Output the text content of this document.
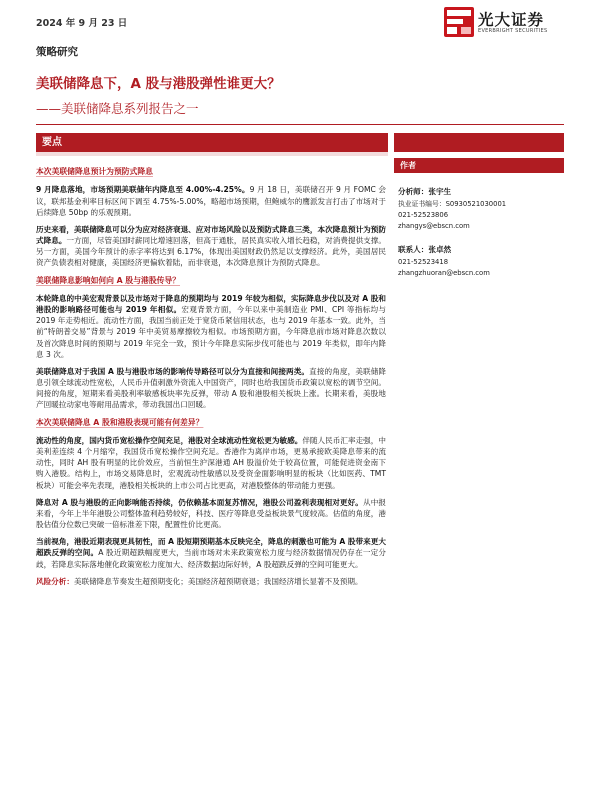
2024 年 9 月 23 日	光大证券
EVERBRIGHT SECURITIES
策略研究
美联储降息下，A 股与港股弹性谁更大？
——美联储降息系列报告之一
要点
本次美联储降息预计为预防式降息

9 月降息落地，市场预期美联储年内降息至 4.00%-4.25%。9 月 18 日，美联储召开 9 月 FOMC 会议，联邦基金利率目标区间下调至 4.75%-5.00%，略超市场预期，但鲍威尔的鹰派发言打击了市场对于后续降息 50bp 的乐观预期。

历史来看，美联储降息可以分为应对经济衰退、应对市场风险以及预防式降息三类，本次降息预计为预防式降息。一方面，尽管美国时薪同比增速回落，但高于通胀，居民真实收入增长趋稳，对消费提供支撑。另一方面，美国今年预计的赤字率将达到 6.17%，体现出美国财政仍然足以支撑经济。此外，美国居民资产负债表相对健康，美国经济更偏软着陆，而非衰退，本次降息预计为预防式降息。

美联储降息影响如何向 A 股与港股传导？

本轮降息的中美宏观背景以及市场对于降息的预期均与 2019 年较为相似，实际降息步伐以及对 A 股和港股的影响路径可能也与 2019 年相似。宏观背景方面，今年以来中美制造业 PMI、CPI 等指标均与 2019 年走势相近。流动性方面，我国当前正处于宽货币紧信用状态，也与 2019 年基本一致。此外，当前“特朗普交易”背景与 2019 年中美贸易摩擦较为相似。市场预期方面，今年降息前市场对降息次数以及首次降息时间的预期与 2019 年完全一致，预计今年降息实际步伐可能也与 2019 年类似，即年内降息 3 次。

美联储降息对于我国 A 股与港股市场的影响传导路径可以分为直接和间接两类。直接的角度，美联储降息引领全球流动性宽松，人民币升值刺激外资流入中国资产，同时也给我国货币政策以宽松的调节空间。间接的角度，短期来看美股利率敏感板块率先反弹，带动 A 股和港股相关板块上涨。长期来看，美股地产回暖拉动家电等耐用品需求，带动我国出口回暖。

本次美联储降息 A 股和港股表现可能有何差异？

流动性的角度，国内货币宽松操作空间充足，港股对全球流动性宽松更为敏感。伴随人民币汇率走强，中美利差连续 4 个月缩窄，我国货币宽松操作空间充足。香港作为离岸市场，更易承接欧美降息带来的流动性，同时 AH 股有明显的比价效应，当前恒生沪深港通 AH 股溢价处于较高位置，可能促进资金南下购入港股。结构上，市场交易降息时，宏观流动性敏感以及受资金面影响明显的板块（比如医药、TMT 板块）可能会率先表现，港股相关板块的上市公司占比更高，对港股整体的带动能力更强。

降息对 A 股与港股的正向影响能否持续，仍依赖基本面复苏情况，港股公司盈利表现相对更好。从中报来看，今年上半年港股公司整体盈利趋势较好，科技、医疗等降息受益板块景气度较高。估值的角度，港股估值分位数已突破一倍标准差下限，配置性价比更高。

当前视角，港股近期表现更具韧性，而 A 股短期预期基本反映完全，降息的刺激也可能为 A 股带来更大超跌反弹的空间。A 股近期超跌幅度更大，当前市场对未来政策宽松力度与经济数据情况仍存在一定分歧，若降息实际落地催化政策宽松力度加大、经济数据边际好转，A 股超跌反弹的空间可能更大。

风险分析：美联储降息节奏发生超预期变化；美国经济超预期衰退；我国经济增长显著不及预期。

作者
分析师：张宇生
执业证书编号：S0930521030001
021-52523806
zhangys@ebscn.com
联系人：张卓然
021-52523418
zhangzhuoran@ebscn.com
